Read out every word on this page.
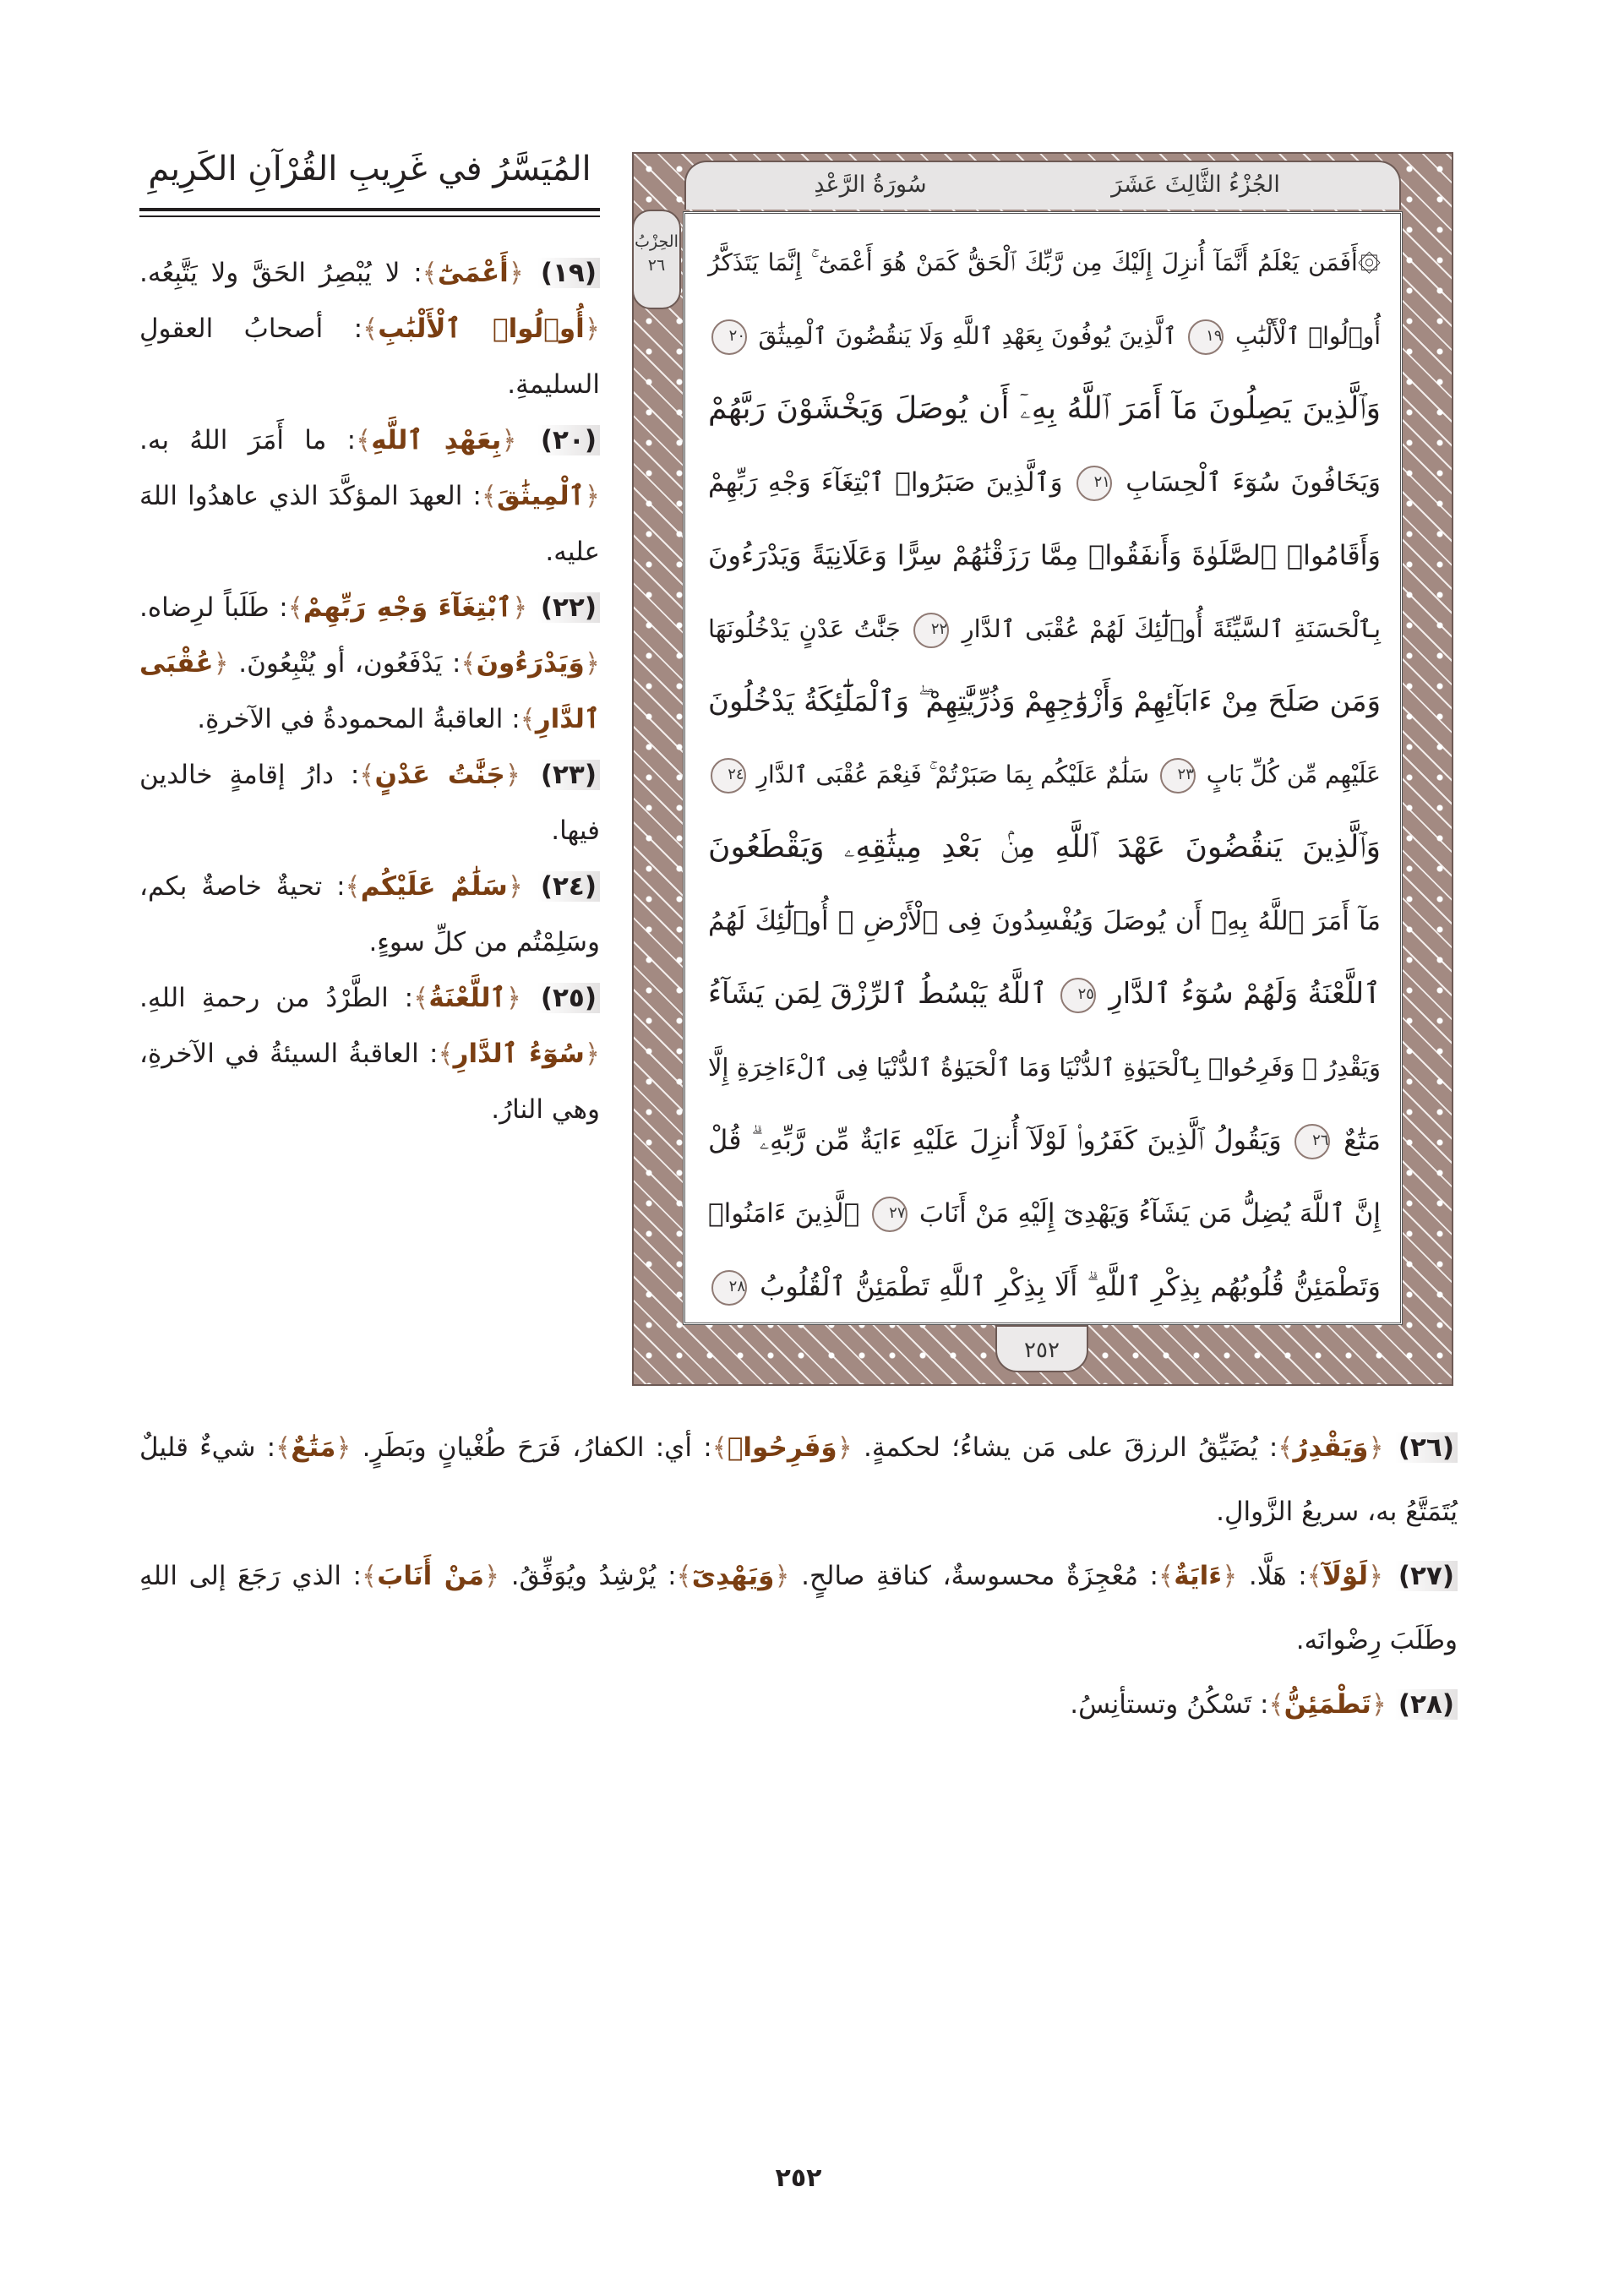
المُيَسَّرُ في غَرِيبِ القُرْآنِ الكَرِيمِ

(١٩) ﴿أَعْمَىٰٓ﴾: لا يُبْصِرُ الحَقَّ ولا يَتَّبِعُه. ﴿أُو۟لُوا۟ ٱلْأَلْبَٰبِ﴾: أصحابُ العقولِ السليمةِ.

(٢٠) ﴿بِعَهْدِ ٱللَّهِ﴾: ما أَمَرَ اللهُ به. ﴿ٱلْمِيثَٰقَ﴾: العهدَ المؤكَّدَ الذي عاهدُوا اللهَ عليه.

(٢٢) ﴿ٱبْتِغَآءَ وَجْهِ رَبِّهِمْ﴾: طَلَباً لرِضاه. ﴿وَيَدْرَءُونَ﴾: يَدْفَعُون، أو يُتْبِعُونَ. ﴿عُقْبَى ٱلدَّارِ﴾: العاقبةُ المحمودةُ في الآخرةِ.

(٢٣) ﴿جَنَّٰتُ عَدْنٍ﴾: دارُ إقامةٍ خالدين فيها.

(٢٤) ﴿سَلَٰمٌ عَلَيْكُم﴾: تحيةٌ خاصةٌ بكم، وسَلِمْتُم من كلِّ سوءٍ.

(٢٥) ﴿ٱللَّعْنَةُ﴾: الطَّرْدُ من رحمةِ اللهِ. ﴿سُوٓءُ ٱلدَّارِ﴾: العاقبةُ السيئةُ في الآخرةِ، وهي النارُ.

الجُزْءُ الثَّالِثَ عَشَرَ
سُورَةُ الرَّعْدِ
الحِزْبُ
٢٦	۞أَفَمَن يَعْلَمُ أَنَّمَآ أُنزِلَ إِلَيْكَ مِن رَّبِّكَ ٱلْحَقُّ كَمَنْ هُوَ أَعْمَىٰٓ ۚ إِنَّمَا يَتَذَكَّرُ
أُو۟لُوا۟ ٱلْأَلْبَٰبِ ١٩ ٱلَّذِينَ يُوفُونَ بِعَهْدِ ٱللَّهِ وَلَا يَنقُضُونَ ٱلْمِيثَٰقَ ٢٠
وَٱلَّذِينَ يَصِلُونَ مَآ أَمَرَ ٱللَّهُ بِهِۦٓ أَن يُوصَلَ وَيَخْشَوْنَ رَبَّهُمْ
وَيَخَافُونَ سُوٓءَ ٱلْحِسَابِ ٢١ وَٱلَّذِينَ صَبَرُوا۟ ٱبْتِغَآءَ وَجْهِ رَبِّهِمْ
وَأَقَامُوا۟ ٱلصَّلَوٰةَ وَأَنفَقُوا۟ مِمَّا رَزَقْنَٰهُمْ سِرًّا وَعَلَانِيَةً وَيَدْرَءُونَ
بِٱلْحَسَنَةِ ٱلسَّيِّئَةَ أُو۟لَٰٓئِكَ لَهُمْ عُقْبَى ٱلدَّارِ ٢٢ جَنَّٰتُ عَدْنٍ يَدْخُلُونَهَا
وَمَن صَلَحَ مِنْ ءَابَآئِهِمْ وَأَزْوَٰجِهِمْ وَذُرِّيَّٰتِهِمْ ۖ وَٱلْمَلَٰٓئِكَةُ يَدْخُلُونَ
عَلَيْهِم مِّن كُلِّ بَابٍ ٢٣ سَلَٰمٌ عَلَيْكُم بِمَا صَبَرْتُمْ ۚ فَنِعْمَ عُقْبَى ٱلدَّارِ ٢٤
وَٱلَّذِينَ يَنقُضُونَ عَهْدَ ٱللَّهِ مِنۢ بَعْدِ مِيثَٰقِهِۦ وَيَقْطَعُونَ
مَآ أَمَرَ ٱللَّهُ بِهِۦٓ أَن يُوصَلَ وَيُفْسِدُونَ فِى ٱلْأَرْضِ ۙ أُو۟لَٰٓئِكَ لَهُمُ
ٱللَّعْنَةُ وَلَهُمْ سُوٓءُ ٱلدَّارِ ٢٥ ٱللَّهُ يَبْسُطُ ٱلرِّزْقَ لِمَن يَشَآءُ
وَيَقْدِرُ ۚ وَفَرِحُوا۟ بِٱلْحَيَوٰةِ ٱلدُّنْيَا وَمَا ٱلْحَيَوٰةُ ٱلدُّنْيَا فِى ٱلْءَاخِرَةِ إِلَّا
مَتَٰعٌ ٢٦ وَيَقُولُ ٱلَّذِينَ كَفَرُوا۟ لَوْلَآ أُنزِلَ عَلَيْهِ ءَايَةٌ مِّن رَّبِّهِۦ ۗ قُلْ
إِنَّ ٱللَّهَ يُضِلُّ مَن يَشَآءُ وَيَهْدِىٓ إِلَيْهِ مَنْ أَنَابَ ٢٧ ٱلَّذِينَ ءَامَنُوا۟
وَتَطْمَئِنُّ قُلُوبُهُم بِذِكْرِ ٱللَّهِ ۗ أَلَا بِذِكْرِ ٱللَّهِ تَطْمَئِنُّ ٱلْقُلُوبُ ٢٨
٢٥٢

(٢٦) ﴿وَيَقْدِرُ﴾: يُضَيِّقُ الرزقَ على مَن يشاءُ؛ لحكمةٍ. ﴿وَفَرِحُوا۟﴾: أي: الكفارُ، فَرَحَ طُغْيانٍ وبَطَرٍ. ﴿مَتَٰعٌ﴾: شيءٌ قليلٌ يُتَمَتَّعُ به، سريعُ الزَّوالِ.

(٢٧) ﴿لَوْلَآ﴾: هَلَّا. ﴿ءَايَةٌ﴾: مُعْجِزَةٌ محسوسةٌ، كناقةِ صالحٍ. ﴿وَيَهْدِىٓ﴾: يُرْشِدُ ويُوَفِّقُ. ﴿مَنْ أَنَابَ﴾: الذي رَجَعَ إلى اللهِ وطَلَبَ رِضْوانَه.

(٢٨) ﴿تَطْمَئِنُّ﴾: تَسْكُنُ وتستأنِسُ.

٢٥٢
